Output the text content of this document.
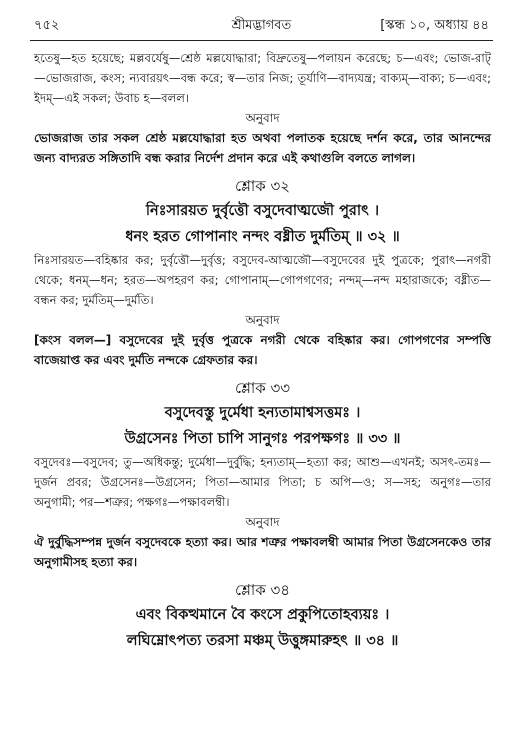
৭৫২	শ্রীমদ্ভাগবত	[স্কন্ধ ১০, অধ্যায় ৪৪

হতেষু—হত হয়েছে; মল্লবর্যেষু—শ্রেষ্ঠ মল্লযোদ্ধারা; বিদ্রুতেষু—পলায়ন করেছে; চ—এবং; ভোজ-রাট্—ভোজরাজ, কংস; ন্যবারয়ৎ—বন্ধ করে; স্ব—তার নিজ; তূর্যাণি—বাদ্যযন্ত্র; বাক্যম্—বাক্য; চ—এবং; ইদম্—এই সকল; উবাচ হ—বলল।

অনুবাদ

ভোজরাজ তার সকল শ্রেষ্ঠ মল্লযোদ্ধারা হত অথবা পলাতক হয়েছে দর্শন করে, তার আনন্দের জন্য বাদ্যরত সঙ্গিতাদি বন্ধ করার নির্দেশ প্রদান করে এই কথাগুলি বলতে লাগল।

শ্লোক ৩২

নিঃসারয়ত দুর্বৃত্তৌ বসুদেবাত্মজৌ পুরাৎ ।

ধনং হরত গোপানাং নন্দং বধ্নীত দুর্মতিম্ ॥ ৩২ ॥

নিঃসারয়ত—বহিষ্কার কর; দুর্বৃত্তৌ—দুর্বৃত্ত; বসুদেব-আত্মজৌ—বসুদেবের দুই পুত্রকে; পুরাৎ—নগরী থেকে; ধনম্—ধন; হরত—অপহরণ কর; গোপানাম্—গোপগণের; নন্দম্—নন্দ মহারাজকে; বধ্নীত—বন্ধন কর; দুর্মতিম্—দুর্মতি।

অনুবাদ

[কংস বলল—] বসুদেবের দুই দুর্বৃত্ত পুত্রকে নগরী থেকে বহিষ্কার কর। গোপগণের সম্পত্তি বাজেয়াপ্ত কর এবং দুর্মতি নন্দকে গ্রেফতার কর।

শ্লোক ৩৩

বসুদেবস্তু দুর্মেধা হন্যতামাশ্বসত্তমঃ ।

উগ্রসেনঃ পিতা চাপি সানুগঃ পরপক্ষগঃ ॥ ৩৩ ॥

বসুদেবঃ—বসুদেব; তু—অধিকন্তু; দুর্মেধা—দুর্বুদ্ধি; হন্যতাম্—হত্যা কর; আশু—এখনই; অসৎ-তমঃ—দুর্জন প্রবর; উগ্রসেনঃ—উগ্রসেন; পিতা—আমার পিতা; চ অপি—ও; স—সহ; অনুগঃ—তার অনুগামী; পর—শত্রুর; পক্ষগঃ—পক্ষাবলম্বী।

অনুবাদ

ঐ দুর্বুদ্ধিসম্পন্ন দুর্জন বসুদেবকে হত্যা কর। আর শত্রুর পক্ষাবলম্বী আমার পিতা উগ্রসেনকেও তার অনুগামীসহ হত্যা কর।

শ্লোক ৩৪

এবং বিকত্থমানে বৈ কংসে প্রকুপিতোহব্যয়ঃ ।

লঘিম্নোৎপত্য তরসা মঞ্চম্ উত্তুঙ্গমারুহৎ ॥ ৩৪ ॥
